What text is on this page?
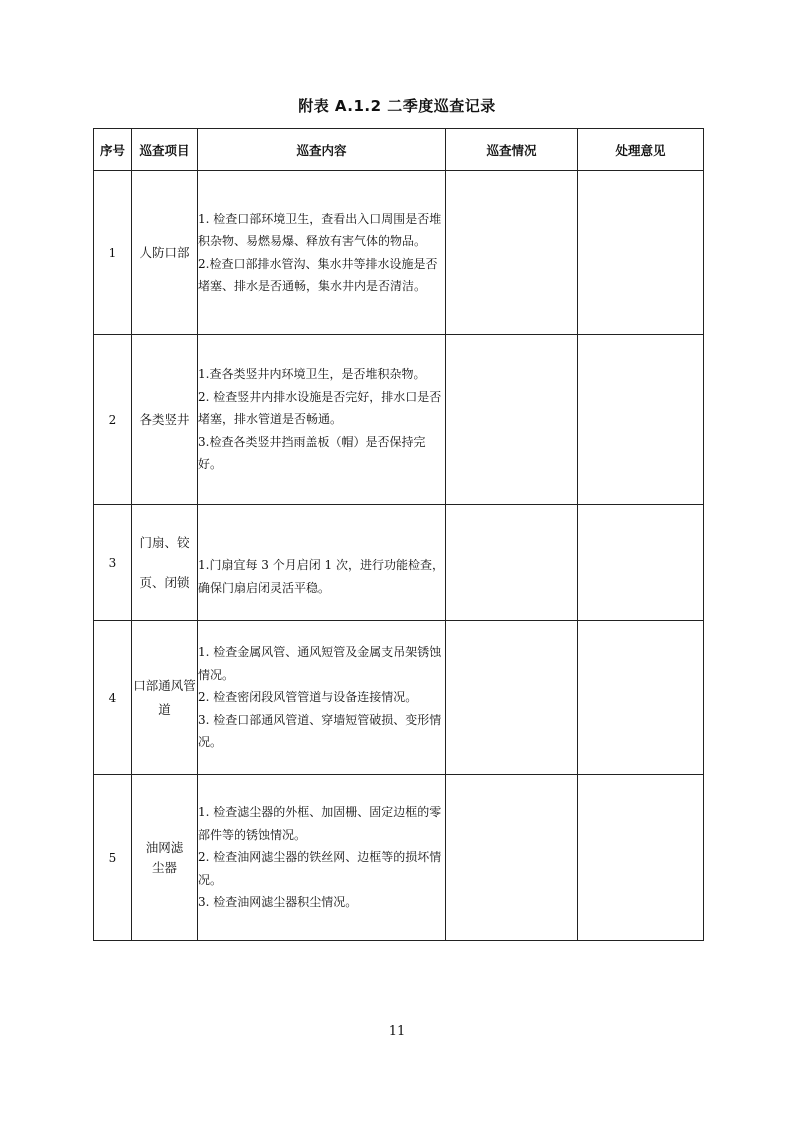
附表 A.1.2 二季度巡查记录
序号	巡查项目	巡查内容	巡查情况	处理意见
1	人防口部	1. 检查口部环境卫生，查看出入口周围是否堆积杂物、易燃易爆、释放有害气体的物品。
2.检查口部排水管沟、集水井等排水设施是否堵塞、排水是否通畅，集水井内是否清洁。		

2	各类竖井	1.查各类竖井内环境卫生，是否堆积杂物。
2. 检查竖井内排水设施是否完好，排水口是否堵塞，排水管道是否畅通。
3.检查各类竖井挡雨盖板（帽）是否保持完好。		

3	门扇、铰页、闭锁	1.门扇宜每 3 个月启闭 1 次，进行功能检查，确保门扇启闭灵活平稳。		

4	口部通风管道	1. 检查金属风管、通风短管及金属支吊架锈蚀情况。
2. 检查密闭段风管管道与设备连接情况。
3. 检查口部通风管道、穿墙短管破损、变形情况。		

5	油网滤尘器	1. 检查滤尘器的外框、加固栅、固定边框的零部件等的锈蚀情况。
2. 检查油网滤尘器的铁丝网、边框等的损坏情况。
3. 检查油网滤尘器积尘情况。		

11
